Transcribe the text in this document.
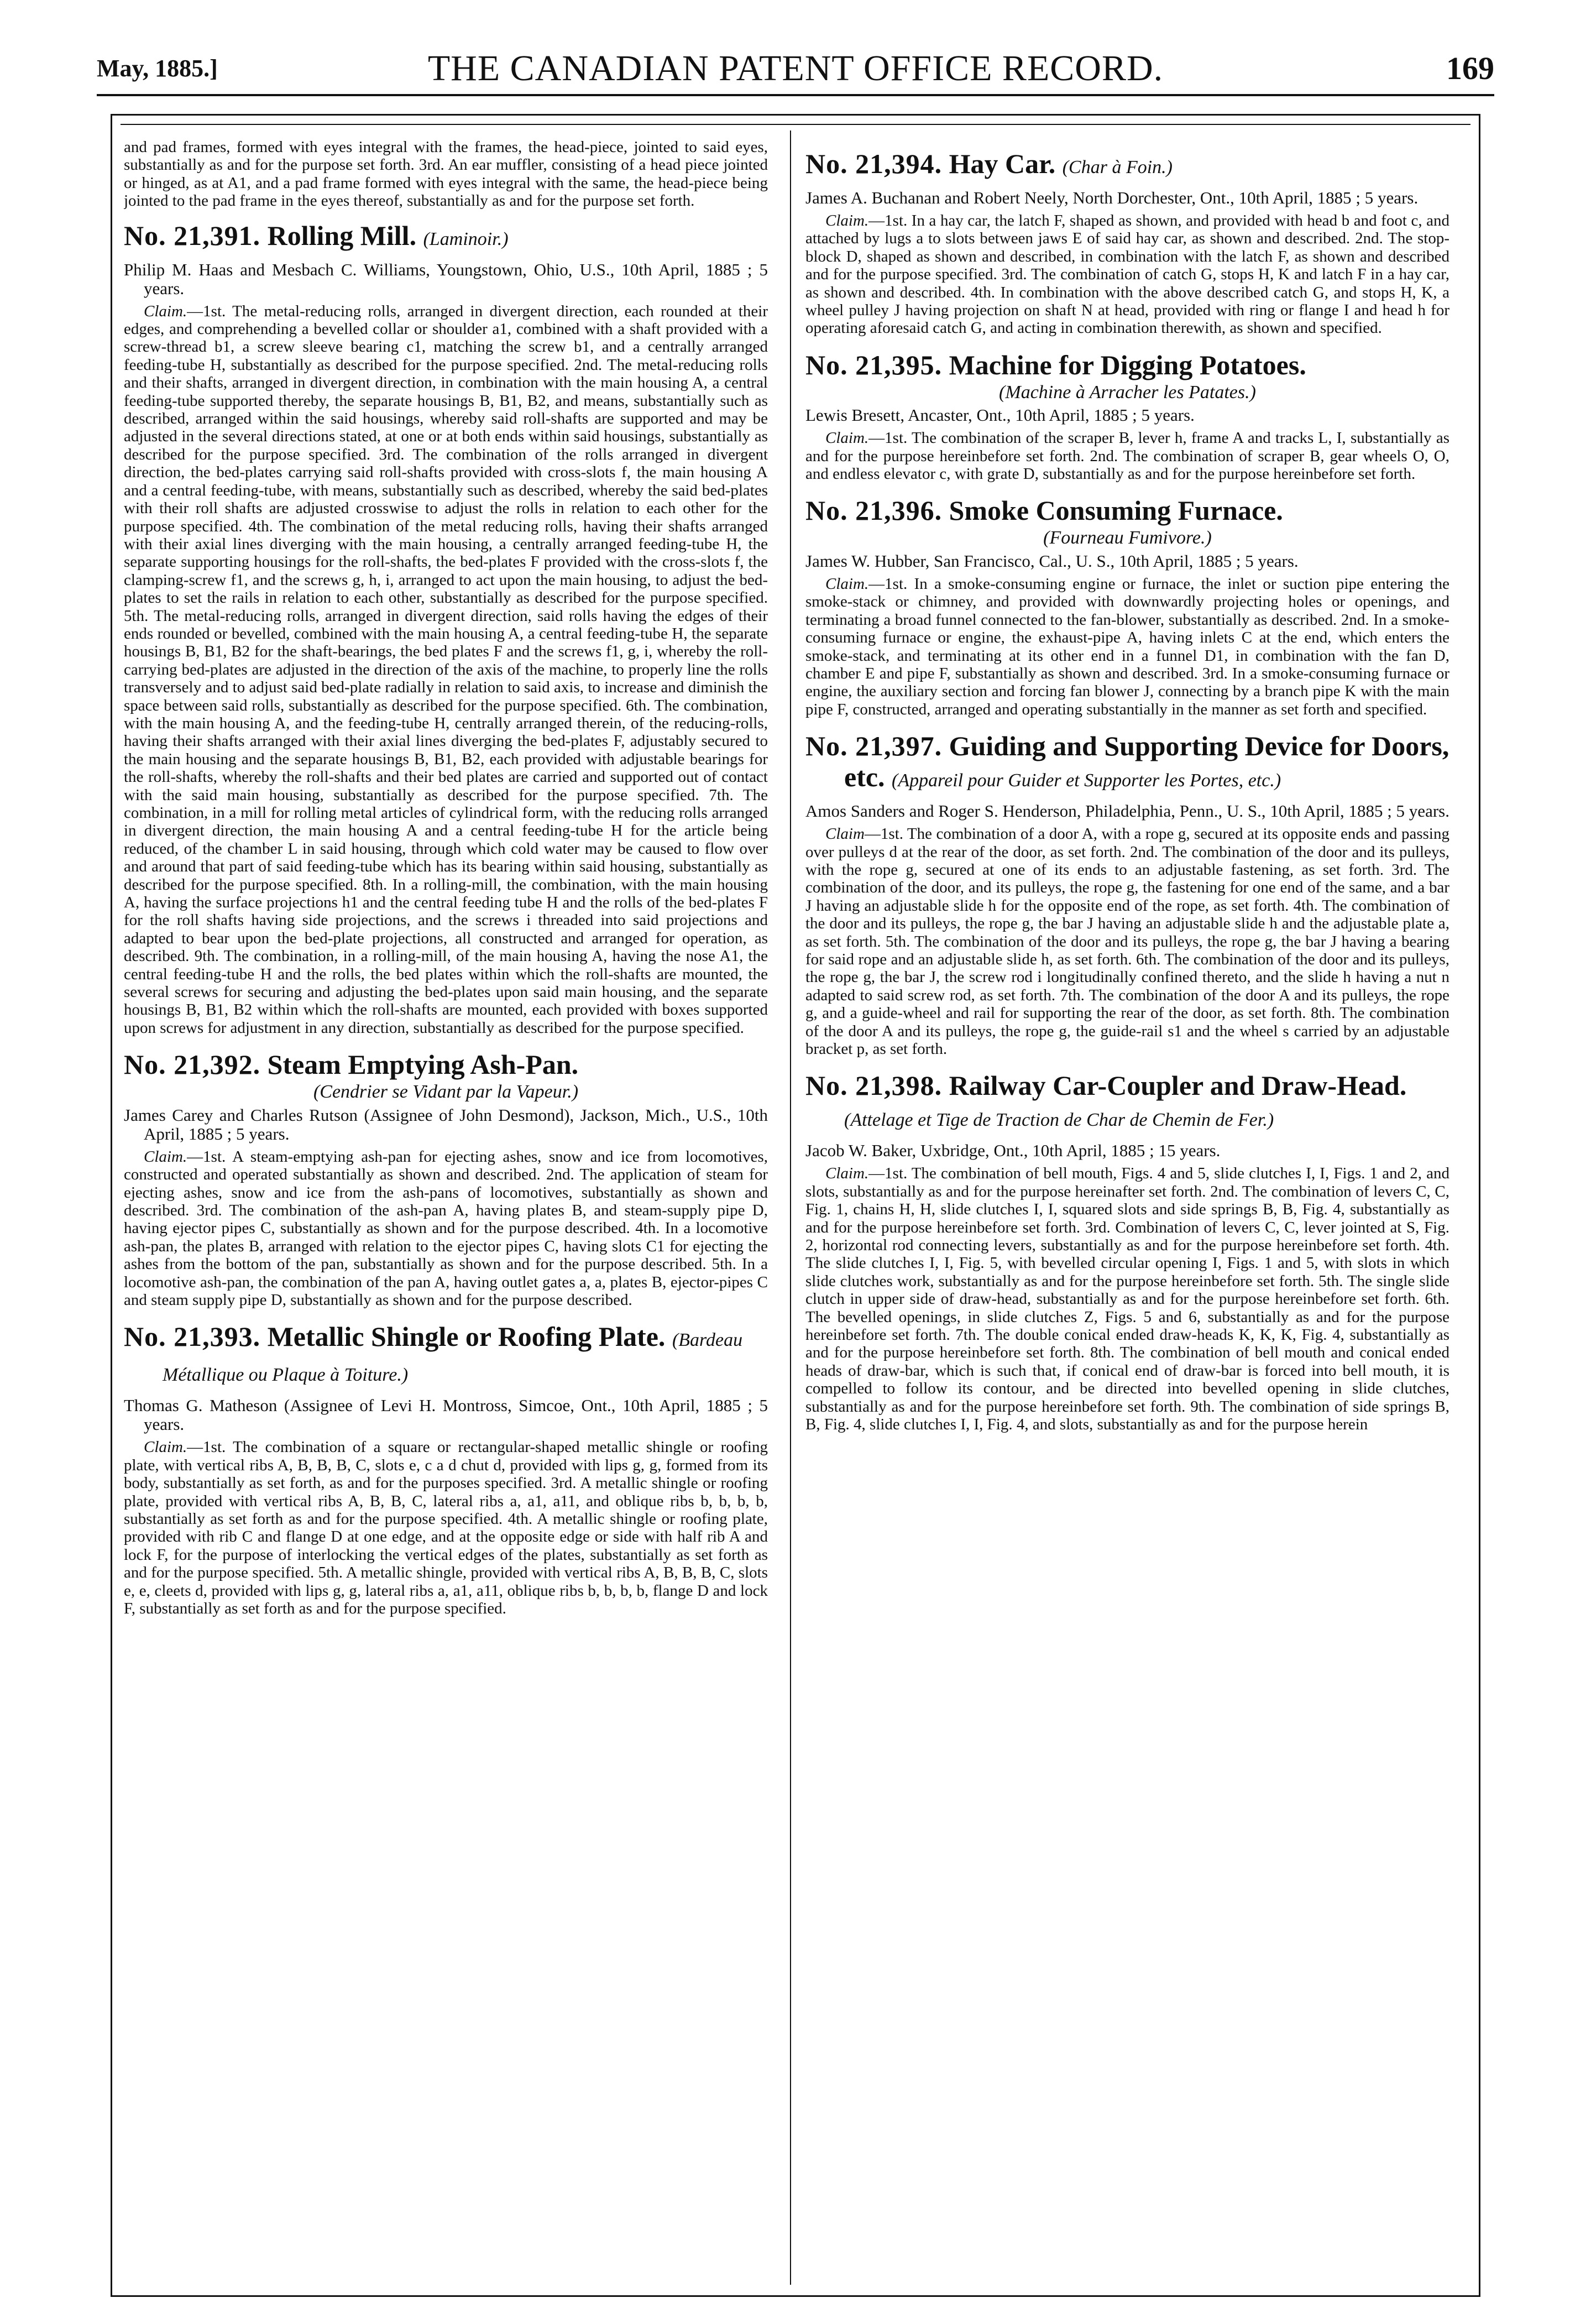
May, 1885.]	THE CANADIAN PATENT OFFICE RECORD.	169

and pad frames, formed with eyes integral with the frames, the head-piece, jointed to said eyes, substantially as and for the purpose set forth. 3rd. An ear muffler, consisting of a head piece jointed or hinged, as at A1, and a pad frame formed with eyes integral with the same, the head-piece being jointed to the pad frame in the eyes thereof, substantially as and for the purpose set forth.

No. 21,391. Rolling Mill. (Laminoir.)

Philip M. Haas and Mesbach C. Williams, Youngstown, Ohio, U.S., 10th April, 1885 ; 5 years.

Claim.—1st. The metal-reducing rolls, arranged in divergent direction, each rounded at their edges, and comprehending a bevelled collar or shoulder a1, combined with a shaft provided with a screw-thread b1, a screw sleeve bearing c1, matching the screw b1, and a centrally arranged feeding-tube H, substantially as described for the purpose specified. 2nd. The metal-reducing rolls and their shafts, arranged in divergent direction, in combination with the main housing A, a central feeding-tube supported thereby, the separate housings B, B1, B2, and means, substantially such as described, arranged within the said housings, whereby said roll-shafts are supported and may be adjusted in the several directions stated, at one or at both ends within said housings, substantially as described for the purpose specified. 3rd. The combination of the rolls arranged in divergent direction, the bed-plates carrying said roll-shafts provided with cross-slots f, the main housing A and a central feeding-tube, with means, substantially such as described, whereby the said bed-plates with their roll shafts are adjusted crosswise to adjust the rolls in relation to each other for the purpose specified. 4th. The combination of the metal reducing rolls, having their shafts arranged with their axial lines diverging with the main housing, a centrally arranged feeding-tube H, the separate supporting housings for the roll-shafts, the bed-plates F provided with the cross-slots f, the clamping-screw f1, and the screws g, h, i, arranged to act upon the main housing, to adjust the bed-plates to set the rails in relation to each other, substantially as described for the purpose specified. 5th. The metal-reducing rolls, arranged in divergent direction, said rolls having the edges of their ends rounded or bevelled, combined with the main housing A, a central feeding-tube H, the separate housings B, B1, B2 for the shaft-bearings, the bed plates F and the screws f1, g, i, whereby the roll-carrying bed-plates are adjusted in the direction of the axis of the machine, to properly line the rolls transversely and to adjust said bed-plate radially in relation to said axis, to increase and diminish the space between said rolls, substantially as described for the purpose specified. 6th. The combination, with the main housing A, and the feeding-tube H, centrally arranged therein, of the reducing-rolls, having their shafts arranged with their axial lines diverging the bed-plates F, adjustably secured to the main housing and the separate housings B, B1, B2, each provided with adjustable bearings for the roll-shafts, whereby the roll-shafts and their bed plates are carried and supported out of contact with the said main housing, substantially as described for the purpose specified. 7th. The combination, in a mill for rolling metal articles of cylindrical form, with the reducing rolls arranged in divergent direction, the main housing A and a central feeding-tube H for the article being reduced, of the chamber L in said housing, through which cold water may be caused to flow over and around that part of said feeding-tube which has its bearing within said housing, substantially as described for the purpose specified. 8th. In a rolling-mill, the combination, with the main housing A, having the surface projections h1 and the central feeding tube H and the rolls of the bed-plates F for the roll shafts having side projections, and the screws i threaded into said projections and adapted to bear upon the bed-plate projections, all constructed and arranged for operation, as described. 9th. The combination, in a rolling-mill, of the main housing A, having the nose A1, the central feeding-tube H and the rolls, the bed plates within which the roll-shafts are mounted, the several screws for securing and adjusting the bed-plates upon said main housing, and the separate housings B, B1, B2 within which the roll-shafts are mounted, each provided with boxes supported upon screws for adjustment in any direction, substantially as described for the purpose specified.

No. 21,392. Steam Emptying Ash-Pan.
(Cendrier se Vidant par la Vapeur.)

James Carey and Charles Rutson (Assignee of John Desmond), Jackson, Mich., U.S., 10th April, 1885 ; 5 years.

Claim.—1st. A steam-emptying ash-pan for ejecting ashes, snow and ice from locomotives, constructed and operated substantially as shown and described. 2nd. The application of steam for ejecting ashes, snow and ice from the ash-pans of locomotives, substantially as shown and described. 3rd. The combination of the ash-pan A, having plates B, and steam-supply pipe D, having ejector pipes C, substantially as shown and for the purpose described. 4th. In a locomotive ash-pan, the plates B, arranged with relation to the ejector pipes C, having slots C1 for ejecting the ashes from the bottom of the pan, substantially as shown and for the purpose described. 5th. In a locomotive ash-pan, the combination of the pan A, having outlet gates a, a, plates B, ejector-pipes C and steam supply pipe D, substantially as shown and for the purpose described.

No. 21,393. Metallic Shingle or Roofing Plate. (Bardeau Métallique ou Plaque à Toiture.)

Thomas G. Matheson (Assignee of Levi H. Montross, Simcoe, Ont., 10th April, 1885 ; 5 years.

Claim.—1st. The combination of a square or rectangular-shaped metallic shingle or roofing plate, with vertical ribs A, B, B, B, C, slots e, c a d chut d, provided with lips g, g, formed from its body, substantially as set forth, as and for the purposes specified. 3rd. A metallic shingle or roofing plate, provided with vertical ribs A, B, B, C, lateral ribs a, a1, a11, and oblique ribs b, b, b, b, substantially as set forth as and for the purpose specified. 4th. A metallic shingle or roofing plate, provided with rib C and flange D at one edge, and at the opposite edge or side with half rib A and lock F, for the purpose of interlocking the vertical edges of the plates, substantially as set forth as and for the purpose specified. 5th. A metallic shingle, provided with vertical ribs A, B, B, B, C, slots e, e, cleets d, provided with lips g, g, lateral ribs a, a1, a11, oblique ribs b, b, b, b, flange D and lock F, substantially as set forth as and for the purpose specified.

No. 21,394. Hay Car. (Char à Foin.)

James A. Buchanan and Robert Neely, North Dorchester, Ont., 10th April, 1885 ; 5 years.

Claim.—1st. In a hay car, the latch F, shaped as shown, and provided with head b and foot c, and attached by lugs a to slots between jaws E of said hay car, as shown and described. 2nd. The stop-block D, shaped as shown and described, in combination with the latch F, as shown and described and for the purpose specified. 3rd. The combination of catch G, stops H, K and latch F in a hay car, as shown and described. 4th. In combination with the above described catch G, and stops H, K, a wheel pulley J having projection on shaft N at head, provided with ring or flange I and head h for operating aforesaid catch G, and acting in combination therewith, as shown and specified.

No. 21,395. Machine for Digging Potatoes.
(Machine à Arracher les Patates.)

Lewis Bresett, Ancaster, Ont., 10th April, 1885 ; 5 years.

Claim.—1st. The combination of the scraper B, lever h, frame A and tracks L, I, substantially as and for the purpose hereinbefore set forth. 2nd. The combination of scraper B, gear wheels O, O, and endless elevator c, with grate D, substantially as and for the purpose hereinbefore set forth.

No. 21,396. Smoke Consuming Furnace.
(Fourneau Fumivore.)

James W. Hubber, San Francisco, Cal., U. S., 10th April, 1885 ; 5 years.

Claim.—1st. In a smoke-consuming engine or furnace, the inlet or suction pipe entering the smoke-stack or chimney, and provided with downwardly projecting holes or openings, and terminating a broad funnel connected to the fan-blower, substantially as described. 2nd. In a smoke-consuming furnace or engine, the exhaust-pipe A, having inlets C at the end, which enters the smoke-stack, and terminating at its other end in a funnel D1, in combination with the fan D, chamber E and pipe F, substantially as shown and described. 3rd. In a smoke-consuming furnace or engine, the auxiliary section and forcing fan blower J, connecting by a branch pipe K with the main pipe F, constructed, arranged and operating substantially in the manner as set forth and specified.

No. 21,397. Guiding and Supporting Device for Doors, etc. (Appareil pour Guider et Supporter les Portes, etc.)

Amos Sanders and Roger S. Henderson, Philadelphia, Penn., U. S., 10th April, 1885 ; 5 years.

Claim—1st. The combination of a door A, with a rope g, secured at its opposite ends and passing over pulleys d at the rear of the door, as set forth. 2nd. The combination of the door and its pulleys, with the rope g, secured at one of its ends to an adjustable fastening, as set forth. 3rd. The combination of the door, and its pulleys, the rope g, the fastening for one end of the same, and a bar J having an adjustable slide h for the opposite end of the rope, as set forth. 4th. The combination of the door and its pulleys, the rope g, the bar J having an adjustable slide h and the adjustable plate a, as set forth. 5th. The combination of the door and its pulleys, the rope g, the bar J having a bearing for said rope and an adjustable slide h, as set forth. 6th. The combination of the door and its pulleys, the rope g, the bar J, the screw rod i longitudinally confined thereto, and the slide h having a nut n adapted to said screw rod, as set forth. 7th. The combination of the door A and its pulleys, the rope g, and a guide-wheel and rail for supporting the rear of the door, as set forth. 8th. The combination of the door A and its pulleys, the rope g, the guide-rail s1 and the wheel s carried by an adjustable bracket p, as set forth.

No. 21,398. Railway Car-Coupler and Draw-Head. (Attelage et Tige de Traction de Char de Chemin de Fer.)

Jacob W. Baker, Uxbridge, Ont., 10th April, 1885 ; 15 years.

Claim.—1st. The combination of bell mouth, Figs. 4 and 5, slide clutches I, I, Figs. 1 and 2, and slots, substantially as and for the purpose hereinafter set forth. 2nd. The combination of levers C, C, Fig. 1, chains H, H, slide clutches I, I, squared slots and side springs B, B, Fig. 4, substantially as and for the purpose hereinbefore set forth. 3rd. Combination of levers C, C, lever jointed at S, Fig. 2, horizontal rod connecting levers, substantially as and for the purpose hereinbefore set forth. 4th. The slide clutches I, I, Fig. 5, with bevelled circular opening I, Figs. 1 and 5, with slots in which slide clutches work, substantially as and for the purpose hereinbefore set forth. 5th. The single slide clutch in upper side of draw-head, substantially as and for the purpose hereinbefore set forth. 6th. The bevelled openings, in slide clutches Z, Figs. 5 and 6, substantially as and for the purpose hereinbefore set forth. 7th. The double conical ended draw-heads K, K, K, Fig. 4, substantially as and for the purpose hereinbefore set forth. 8th. The combination of bell mouth and conical ended heads of draw-bar, which is such that, if conical end of draw-bar is forced into bell mouth, it is compelled to follow its contour, and be directed into bevelled opening in slide clutches, substantially as and for the purpose hereinbefore set forth. 9th. The combination of side springs B, B, Fig. 4, slide clutches I, I, Fig. 4, and slots, substantially as and for the purpose herein
